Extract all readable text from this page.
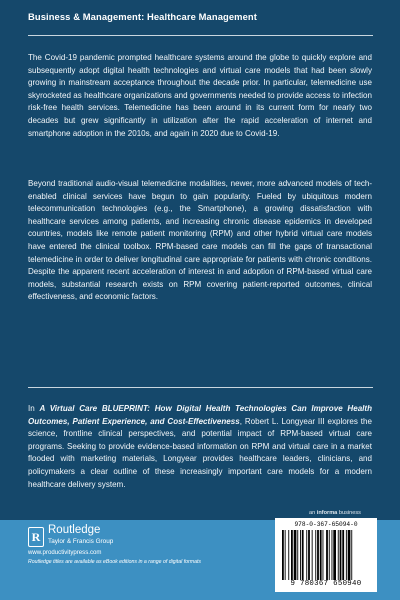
Business & Management: Healthcare Management

The Covid-19 pandemic prompted healthcare systems around the globe to quickly explore and subsequently adopt digital health technologies and virtual care models that had been slowly growing in mainstream acceptance throughout the decade prior. In particular, telemedicine use skyrocketed as healthcare organizations and governments needed to provide access to infection risk-free health services. Telemedicine has been around in its current form for nearly two decades but grew significantly in utilization after the rapid acceleration of internet and smartphone adoption in the 2010s, and again in 2020 due to Covid-19.

Beyond traditional audio-visual telemedicine modalities, newer, more advanced models of tech-enabled clinical services have begun to gain popularity. Fueled by ubiquitous modern telecommunication technologies (e.g., the Smartphone), a growing dissatisfaction with healthcare services among patients, and increasing chronic disease epidemics in developed countries, models like remote patient monitoring (RPM) and other hybrid virtual care models have entered the clinical toolbox. RPM-based care models can fill the gaps of transactional telemedicine in order to deliver longitudinal care appropriate for patients with chronic conditions. Despite the apparent recent acceleration of interest in and adoption of RPM-based virtual care models, substantial research exists on RPM covering patient-reported outcomes, clinical effectiveness, and economic factors.

In A Virtual Care BLUEPRINT: How Digital Health Technologies Can Improve Health Outcomes, Patient Experience, and Cost-Effectiveness, Robert L. Longyear III explores the science, frontline clinical perspectives, and potential impact of RPM-based virtual care programs. Seeking to provide evidence-based information on RPM and virtual care in a market flooded with marketing materials, Longyear provides healthcare leaders, clinicians, and policymakers a clear outline of these increasingly important care models for a modern healthcare delivery system.

an informa business
R Routledge
Taylor & Francis Group
www.productivitypress.com
Routledge titles are available as eBook editions in a range of digital formats
978-0-367-65094-0
9 780367 650940
